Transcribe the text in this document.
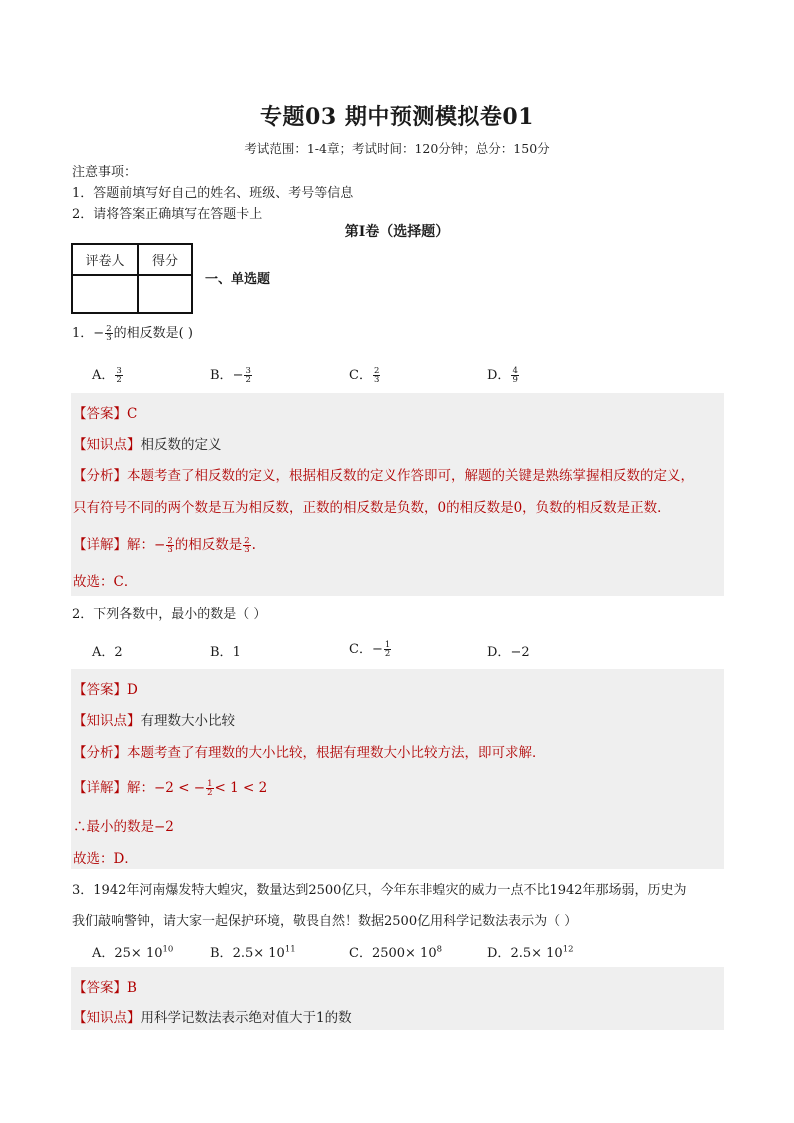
专题03 期中预测模拟卷01
考试范围：1-4章；考试时间：120分钟；总分：150分
注意事项：
1．答题前填写好自己的姓名、班级、考号等信息
2．请将答案正确填写在答题卡上
第I卷（选择题）
评卷人	得分

一、单选题
1．− $\frac{2}{3}$ 的相反数是( )
A． $\frac{3}{2}$	B．− $\frac{3}{2}$	C． $\frac{2}{3}$	D． $\frac{4}{9}$
【答案】C
【知识点】相反数的定义
【分析】本题考查了相反数的定义，根据相反数的定义作答即可，解题的关键是熟练掌握相反数的定义，
只有符号不同的两个数是互为相反数，正数的相反数是负数，0的相反数是0，负数的相反数是正数．
【详解】解：− $\frac{2}{3}$ 的相反数是 $\frac{2}{3}$ .
故选：C．
2．下列各数中，最小的数是（ ）
A．2	B．1	C．− $\frac{1}{2}$	D．−2
【答案】D
【知识点】有理数大小比较
【分析】本题考查了有理数的大小比较，根据有理数大小比较方法，即可求解．
【详解】解：−2 < − $\frac{1}{2} < 1 < 2$
∴最小的数是−2
故选：D．
3．1942年河南爆发特大蝗灾，数量达到2500亿只，今年东非蝗灾的威力一点不比1942年那场弱，历史为
我们敲响警钟，请大家一起保护环境，敬畏自然！数据2500亿用科学记数法表示为（ ）
A．$25\times 10^{10}$	B．$2.5\times 10^{11}$	C．$2500\times 10^8$	D．$2.5\times 10^{12}$
【答案】B
【知识点】用科学记数法表示绝对值大于1的数
